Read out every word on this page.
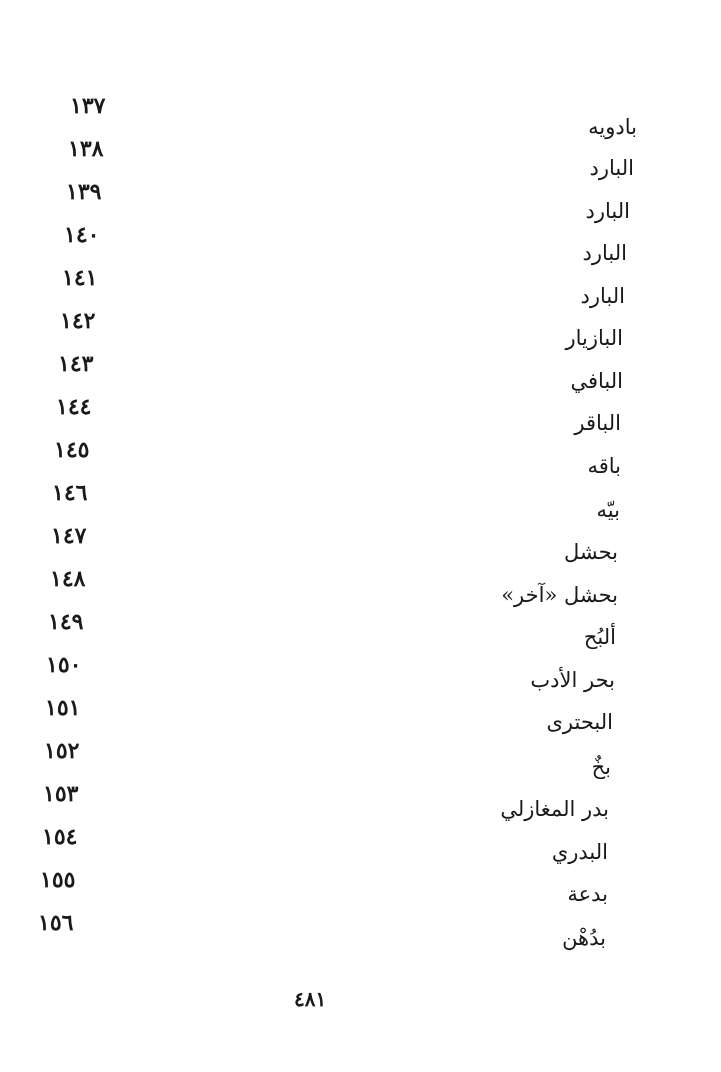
١٣٧
١٣٨
١٣٩
١٤٠
١٤١
١٤٢
١٤٣
١٤٤
١٤٥
١٤٦
١٤٧
١٤٨
١٤٩
١٥٠
١٥١
١٥٢
١٥٣
١٥٤
١٥٥
١٥٦
بادويه
البارد
البارد
البارد
البارد
البازيار
البافي
الباقر
باقه
بيّه
بحشل
بحشل «آخر»
ألبُح
بحر الأدب
البحترى
بخٌ
بدر المغازلي
البدري
بدعة
بدُهْن
٤٨١
